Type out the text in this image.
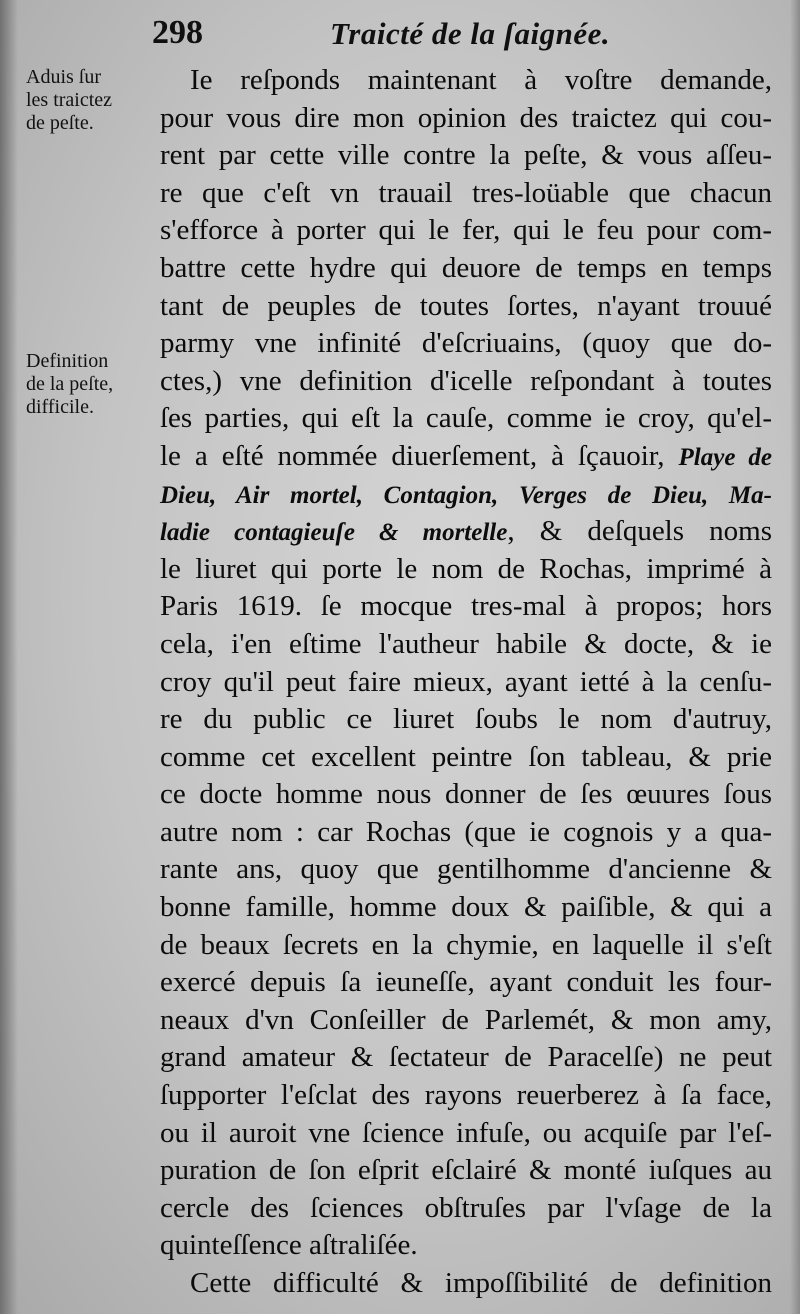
298	Traicté de la ſaignée.
Aduis ſur
les traictez
de peſte.
Definition
de la peſte,
difficile.
Ie reſponds maintenant à voſtre demande,
pour vous dire mon opinion des traictez qui cou-
rent par cette ville contre la peſte, & vous aſſeu-
re que c'eſt vn trauail tres-loüable que chacun
s'efforce à porter qui le fer, qui le feu pour com-
battre cette hydre qui deuore de temps en temps
tant de peuples de toutes ſortes, n'ayant trouué
parmy vne infinité d'eſcriuains, (quoy que do-
ctes,) vne definition d'icelle reſpondant à toutes
ſes parties, qui eſt la cauſe, comme ie croy, qu'el-
le a eſté nommée diuerſement, à ſçauoir, Playe de
Dieu, Air mortel, Contagion, Verges de Dieu, Ma-
ladie contagieuſe & mortelle, & deſquels noms
le liuret qui porte le nom de Rochas, imprimé à
Paris 1619. ſe mocque tres-mal à propos; hors
cela, i'en eſtime l'autheur habile & docte, & ie
croy qu'il peut faire mieux, ayant ietté à la cenſu-
re du public ce liuret ſoubs le nom d'autruy,
comme cet excellent peintre ſon tableau, & prie
ce docte homme nous donner de ſes œuures ſous
autre nom : car Rochas (que ie cognois y a qua-
rante ans, quoy que gentilhomme d'ancienne &
bonne famille, homme doux & paiſible, & qui a
de beaux ſecrets en la chymie, en laquelle il s'eſt
exercé depuis ſa ieuneſſe, ayant conduit les four-
neaux d'vn Conſeiller de Parlemét, & mon amy,
grand amateur & ſectateur de Paracelſe) ne peut
ſupporter l'eſclat des rayons reuerberez à ſa face,
ou il auroit vne ſcience infuſe, ou acquiſe par l'eſ-
puration de ſon eſprit eſclairé & monté iuſques au
cercle des ſciences obſtruſes par l'vſage de la
quinteſſence aſtraliſée.
Cette difficulté & impoſſibilité de definition
